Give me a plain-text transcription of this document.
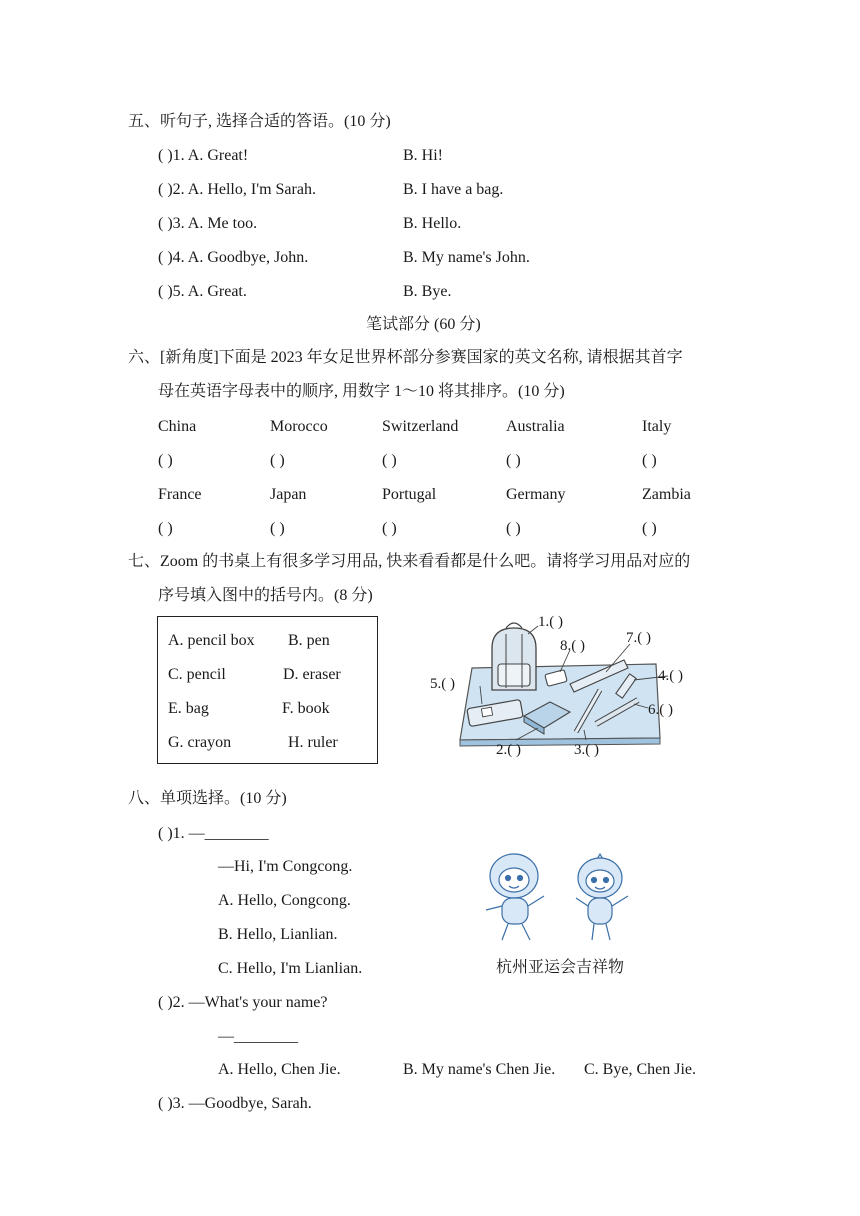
五、听句子, 选择合适的答语。(10 分)
( )1. A. Great!	B. Hi!
( )2. A. Hello, I'm Sarah.	B. I have a bag.
( )3. A. Me too.	B. Hello.
( )4. A. Goodbye, John.	B. My name's John.
( )5. A. Great.	B. Bye.
笔试部分 (60 分)
六、[新角度]下面是 2023 年女足世界杯部分参赛国家的英文名称, 请根据其首字
母在英语字母表中的顺序, 用数字 1～10 将其排序。(10 分)
China	Morocco	Switzerland	Australia	Italy
( )	( )	( )	( )	( )
France	Japan	Portugal	Germany	Zambia
( )	( )	( )	( )	( )
七、Zoom 的书桌上有很多学习用品, 快来看看都是什么吧。请将学习用品对应的
序号填入图中的括号内。(8 分)
A. pencil box B. pen
C. pencil	D. eraser
E. bag	F. book
G. crayon	H. ruler
1.( )
2.( )	3.( )
4.( )
5.( )
6.( )
7.( )
8.( )
八、单项选择。(10 分)
( )1. —________
—Hi, I'm Congcong.
A. Hello, Congcong.
B. Hello, Lianlian.
C. Hello, I'm Lianlian.	杭州亚运会吉祥物
( )2. —What's your name?
—________
A. Hello, Chen Jie.	B. My name's Chen Jie. C. Bye, Chen Jie.
( )3. —Goodbye, Sarah.
